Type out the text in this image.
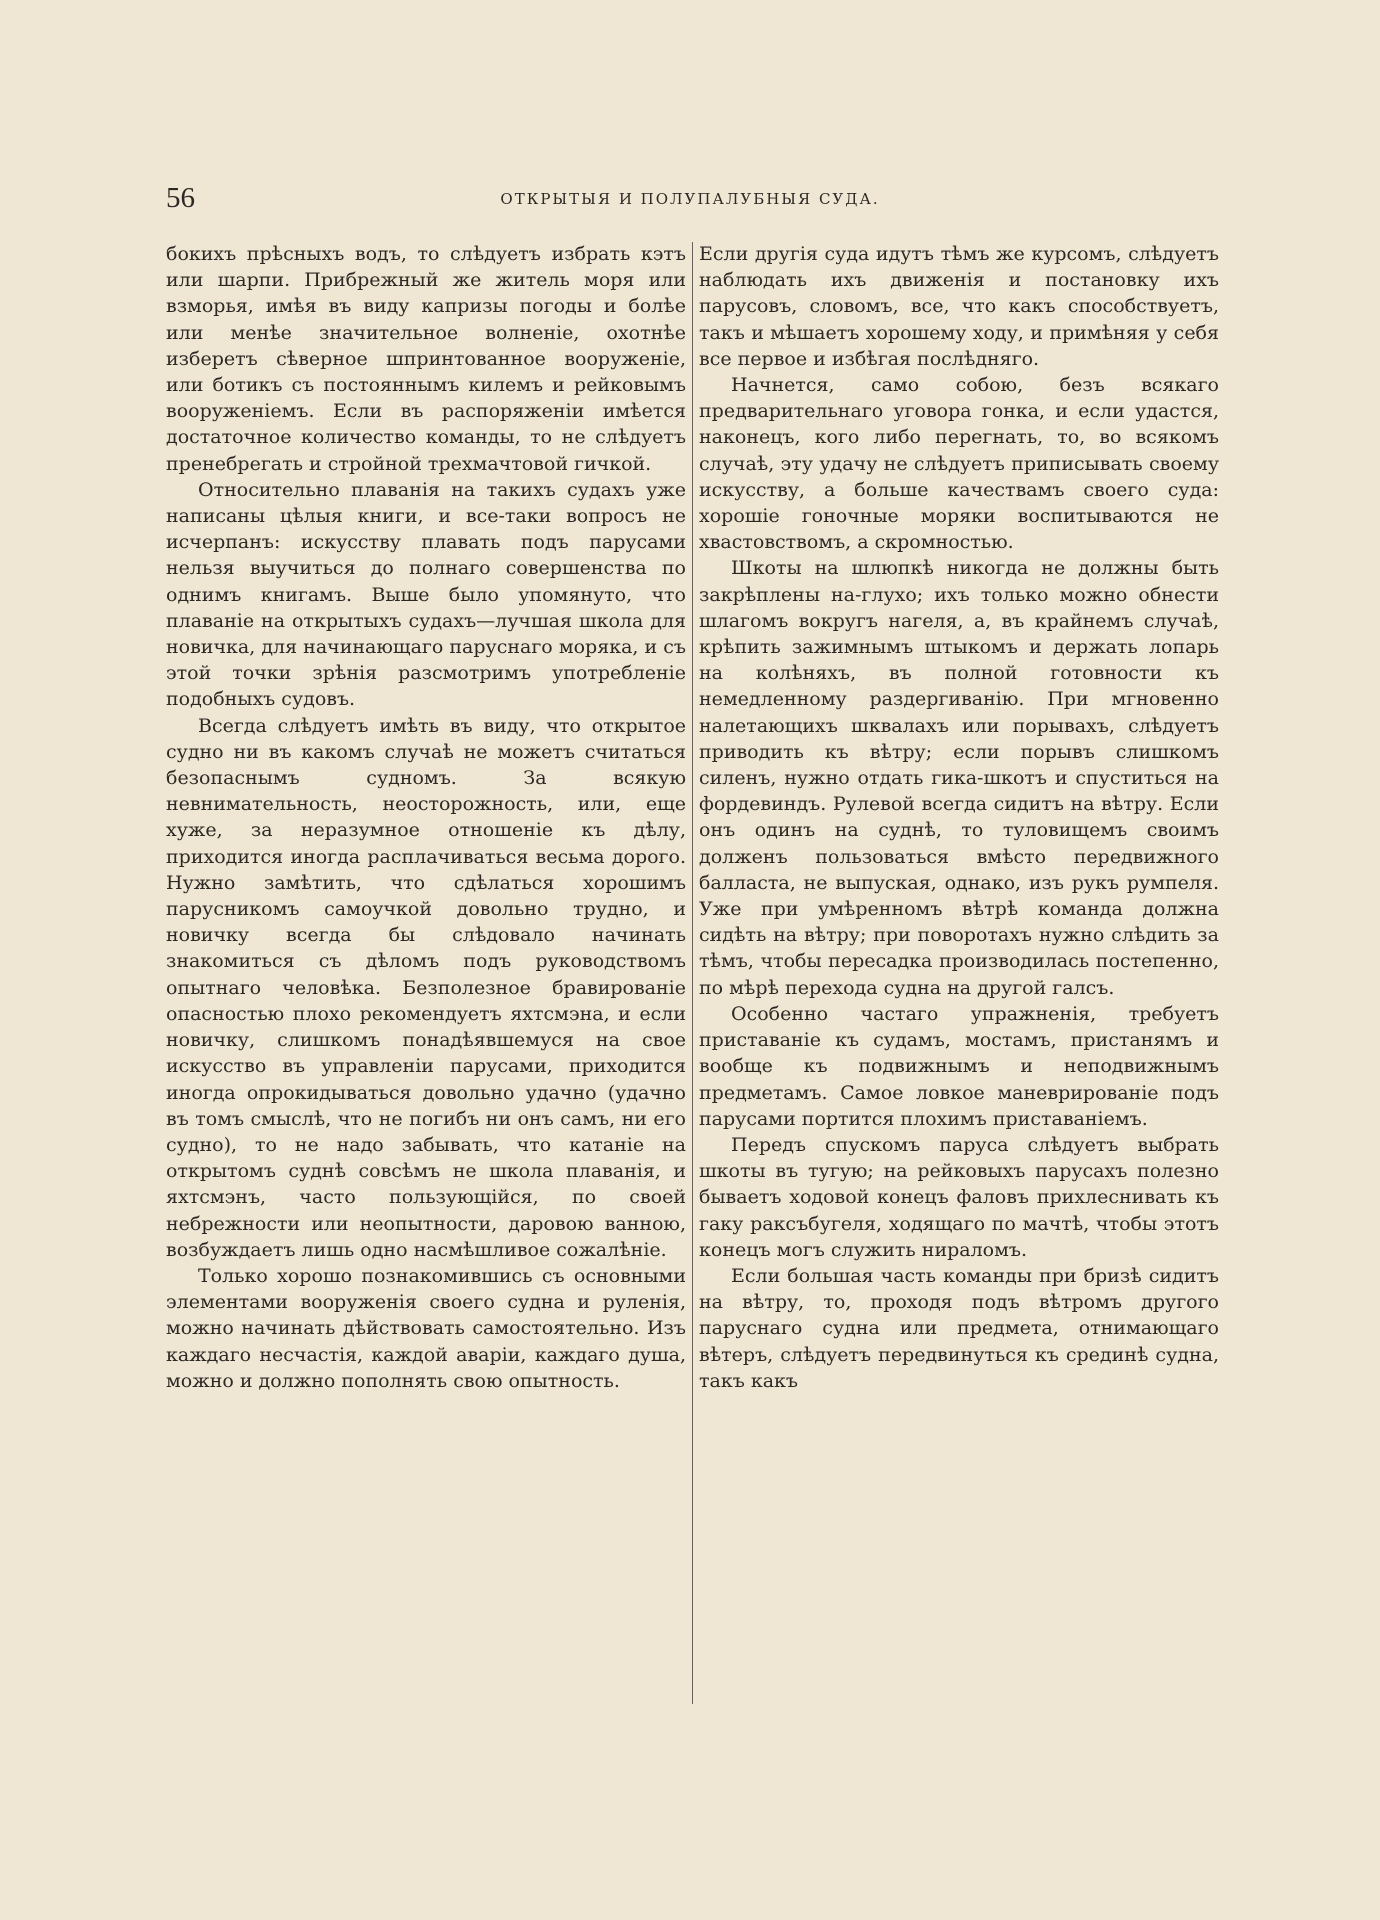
56	ОТКРЫТЫЯ И ПОЛУПАЛУБНЫЯ СУДА.

бокихъ прѣсныхъ водъ, то слѣдуетъ избрать кэтъ или шарпи. Прибрежный же житель моря или взморья, имѣя въ виду капризы погоды и болѣе или менѣе значительное волненіе, охотнѣе изберетъ сѣверное шпринтованное вооруженіе, или ботикъ съ постояннымъ килемъ и рейковымъ вооруженіемъ. Если въ распоряженіи имѣется достаточное количество команды, то не слѣдуетъ пренебрегать и стройной трехмачтовой гичкой.

Относительно плаванія на такихъ судахъ уже написаны цѣлыя книги, и все-таки вопросъ не исчерпанъ: искусству плавать подъ парусами нельзя выучиться до полнаго совершенства по однимъ книгамъ. Выше было упомянуто, что плаваніе на открытыхъ судахъ—лучшая школа для новичка, для начинающаго паруснаго моряка, и съ этой точки зрѣнія разсмотримъ употребленіе подобныхъ судовъ.

Всегда слѣдуетъ имѣть въ виду, что открытое судно ни въ какомъ случаѣ не можетъ считаться безопаснымъ судномъ. За всякую невнимательность, неосторожность, или, еще хуже, за неразумное отношеніе къ дѣлу, приходится иногда расплачиваться весьма дорого. Нужно замѣтить, что сдѣлаться хорошимъ парусникомъ самоучкой довольно трудно, и новичку всегда бы слѣдовало начинать знакомиться съ дѣломъ подъ руководствомъ опытнаго человѣка. Безполезное бравированіе опасностью плохо рекомендуетъ яхтсмэна, и если новичку, слишкомъ понадѣявшемуся на свое искусство въ управленіи парусами, приходится иногда опрокидываться довольно удачно (удачно въ томъ смыслѣ, что не погибъ ни онъ самъ, ни его судно), то не надо забывать, что катаніе на открытомъ суднѣ совсѣмъ не школа плаванія, и яхтсмэнъ, часто пользующійся, по своей небрежности или неопытности, даровою ванною, возбуждаетъ лишь одно насмѣшливое сожалѣніе.

Только хорошо познакомившись съ основными элементами вооруженія своего судна и руленія, можно начинать дѣйствовать самостоятельно. Изъ каждаго несчастія, каждой аваріи, каждаго душа, можно и должно пополнять свою опытность.

Если другія суда идутъ тѣмъ же курсомъ, слѣдуетъ наблюдать ихъ движенія и постановку ихъ парусовъ, словомъ, все, что какъ способствуетъ, такъ и мѣшаетъ хорошему ходу, и примѣняя у себя все первое и избѣгая послѣдняго.

Начнется, само собою, безъ всякаго предварительнаго уговора гонка, и если удастся, наконецъ, кого либо перегнать, то, во всякомъ случаѣ, эту удачу не слѣдуетъ приписывать своему искусству, а больше качествамъ своего суда: хорошіе гоночные моряки воспитываются не хвастовствомъ, а скромностью.

Шкоты на шлюпкѣ никогда не должны быть закрѣплены на-глухо; ихъ только можно обнести шлагомъ вокругъ нагеля, а, въ крайнемъ случаѣ, крѣпить зажимнымъ штыкомъ и держать лопарь на колѣняхъ, въ полной готовности къ немедленному раздергиванію. При мгновенно налетающихъ шквалахъ или порывахъ, слѣдуетъ приводить къ вѣтру; если порывъ слишкомъ силенъ, нужно отдать гика-шкотъ и спуститься на фордевиндъ. Рулевой всегда сидитъ на вѣтру. Если онъ одинъ на суднѣ, то туловищемъ своимъ долженъ пользоваться вмѣсто передвижного балласта, не выпуская, однако, изъ рукъ румпеля. Уже при умѣренномъ вѣтрѣ команда должна сидѣть на вѣтру; при поворотахъ нужно слѣдить за тѣмъ, чтобы пересадка производилась постепенно, по мѣрѣ перехода судна на другой галсъ.

Особенно частаго упражненія, требуетъ приставаніе къ судамъ, мостамъ, пристанямъ и вообще къ подвижнымъ и неподвижнымъ предметамъ. Самое ловкое маневрированіе подъ парусами портится плохимъ приставаніемъ.

Передъ спускомъ паруса слѣдуетъ выбрать шкоты въ тугую; на рейковыхъ парусахъ полезно бываетъ ходовой конецъ фаловъ прихлеснивать къ гаку раксъбугеля, ходящаго по мачтѣ, чтобы этотъ конецъ могъ служить нираломъ.

Если большая часть команды при бризѣ сидитъ на вѣтру, то, проходя подъ вѣтромъ другого паруснаго судна или предмета, отнимающаго вѣтеръ, слѣдуетъ передвинуться къ срединѣ судна, такъ какъ
